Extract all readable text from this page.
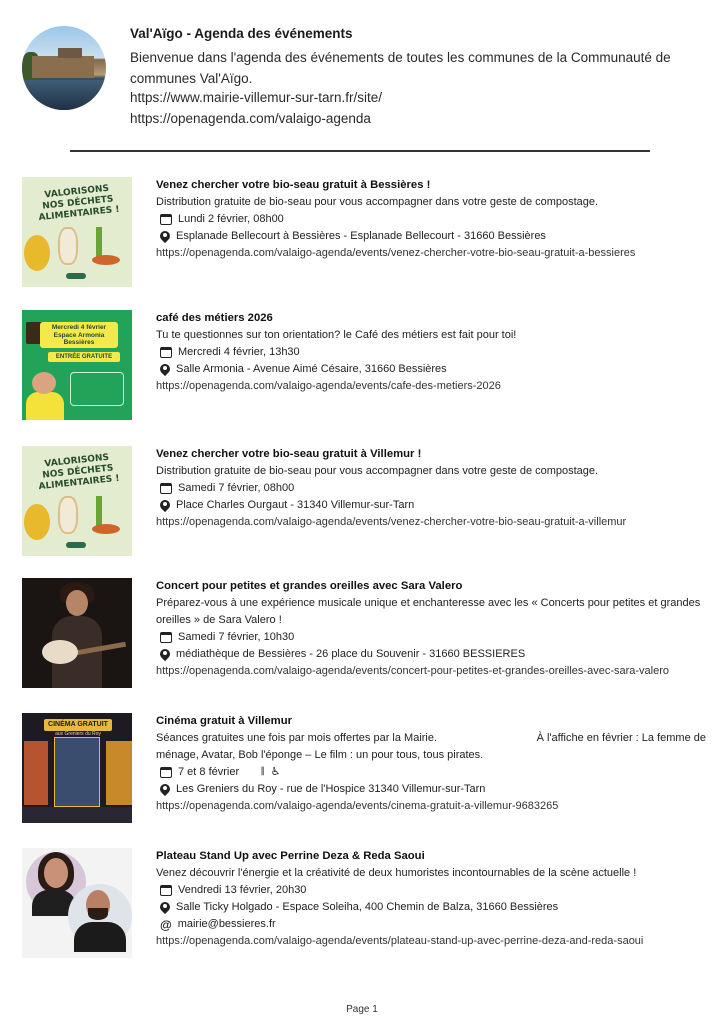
Val'Aïgo - Agenda des événements
Bienvenue dans l'agenda des événements de toutes les communes de la Communauté de communes Val'Aïgo.
https://www.mairie-villemur-sur-tarn.fr/site/
https://openagenda.com/valaigo-agenda
VALORISONS NOS DÉCHETS ALIMENTAIRES !
Venez chercher votre bio-seau gratuit à Bessières !
Distribution gratuite de bio-seau pour vous accompagner dans votre geste de compostage.
Lundi 2 février, 08h00
Esplanade Bellecourt à Bessières - Esplanade Bellecourt - 31660 Bessières
https://openagenda.com/valaigo-agenda/events/venez-chercher-votre-bio-seau-gratuit-a-bessieres
Mercredi 4 février Espace Armonia Bessières
ENTRÉE GRATUITE
café des métiers 2026
Tu te questionnes sur ton orientation? le Café des métiers est fait pour toi!
Mercredi 4 février, 13h30
Salle Armonia - Avenue Aimé Césaire, 31660 Bessières
https://openagenda.com/valaigo-agenda/events/cafe-des-metiers-2026
VALORISONS NOS DÉCHETS ALIMENTAIRES !
Venez chercher votre bio-seau gratuit à Villemur !
Distribution gratuite de bio-seau pour vous accompagner dans votre geste de compostage.
Samedi 7 février, 08h00
Place Charles Ourgaut - 31340 Villemur-sur-Tarn
https://openagenda.com/valaigo-agenda/events/venez-chercher-votre-bio-seau-gratuit-a-villemur
Concert pour petites et grandes oreilles avec Sara Valero
Préparez-vous à une expérience musicale unique et enchanteresse avec les « Concerts pour petites et grandes oreilles » de Sara Valero !
Samedi 7 février, 10h30
médiathèque de Bessières - 26 place du Souvenir - 31660 BESSIERES
https://openagenda.com/valaigo-agenda/events/concert-pour-petites-et-grandes-oreilles-avec-sara-valero
CINÉMA GRATUIT
aux Greniers du Roy
Cinéma gratuit à Villemur
Séances gratuites une fois par mois offertes par la Mairie.	À l'affiche en février : La femme de
ménage, Avatar, Bob l'éponge – Le film : un pour tous, tous pirates.
7 et 8 février 𝄂 ♿
Les Greniers du Roy - rue de l'Hospice 31340 Villemur-sur-Tarn
https://openagenda.com/valaigo-agenda/events/cinema-gratuit-a-villemur-9683265
Plateau Stand Up avec Perrine Deza & Reda Saoui
Venez découvrir l'énergie et la créativité de deux humoristes incontournables de la scène actuelle !
Vendredi 13 février, 20h30
Salle Ticky Holgado - Espace Soleiha, 400 Chemin de Balza, 31660 Bessières
@ mairie@bessieres.fr
https://openagenda.com/valaigo-agenda/events/plateau-stand-up-avec-perrine-deza-and-reda-saoui
Page 1
